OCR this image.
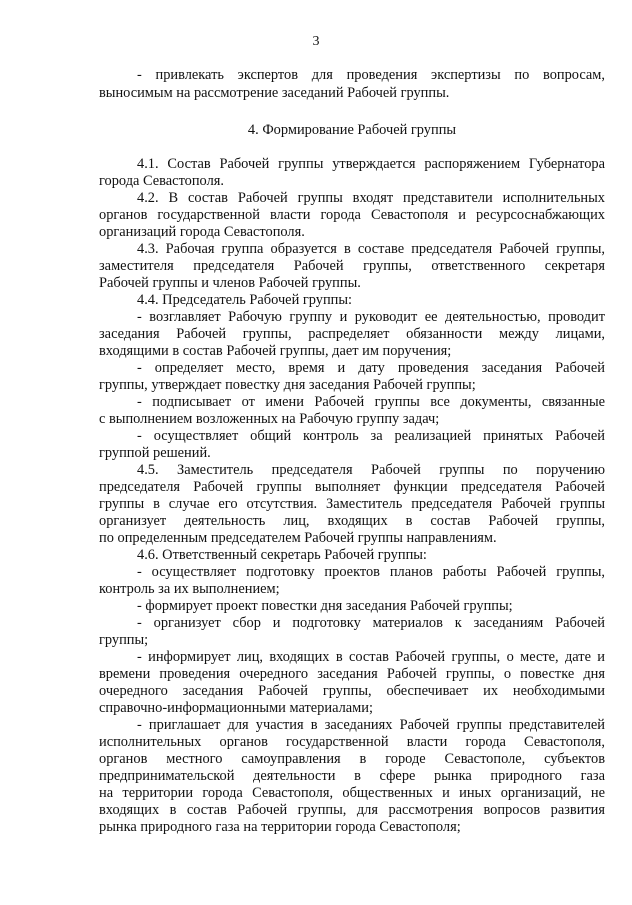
3
- привлекать экспертов для проведения экспертизы по вопросам,
выносимым на рассмотрение заседаний Рабочей группы.
4. Формирование Рабочей группы
4.1. Состав Рабочей группы утверждается распоряжением Губернатора
города Севастополя.
4.2. В состав Рабочей группы входят представители исполнительных
органов государственной власти города Севастополя и ресурсоснабжающих
организаций города Севастополя.
4.3. Рабочая группа образуется в составе председателя Рабочей группы,
заместителя председателя Рабочей группы, ответственного секретаря
Рабочей группы и членов Рабочей группы.
4.4. Председатель Рабочей группы:
- возглавляет Рабочую группу и руководит ее деятельностью, проводит
заседания Рабочей группы, распределяет обязанности между лицами,
входящими в состав Рабочей группы, дает им поручения;
- определяет место, время и дату проведения заседания Рабочей
группы, утверждает повестку дня заседания Рабочей группы;
- подписывает от имени Рабочей группы все документы, связанные
с выполнением возложенных на Рабочую группу задач;
- осуществляет общий контроль за реализацией принятых Рабочей
группой решений.
4.5. Заместитель председателя Рабочей группы по поручению
председателя Рабочей группы выполняет функции председателя Рабочей
группы в случае его отсутствия. Заместитель председателя Рабочей группы
организует деятельность лиц, входящих в состав Рабочей группы,
по определенным председателем Рабочей группы направлениям.
4.6. Ответственный секретарь Рабочей группы:
- осуществляет подготовку проектов планов работы Рабочей группы,
контроль за их выполнением;
- формирует проект повестки дня заседания Рабочей группы;
- организует сбор и подготовку материалов к заседаниям Рабочей
группы;
- информирует лиц, входящих в состав Рабочей группы, о месте, дате и
времени проведения очередного заседания Рабочей группы, о повестке дня
очередного заседания Рабочей группы, обеспечивает их необходимыми
справочно-информационными материалами;
- приглашает для участия в заседаниях Рабочей группы представителей
исполнительных органов государственной власти города Севастополя,
органов местного самоуправления в городе Севастополе, субъектов
предпринимательской деятельности в сфере рынка природного газа
на территории города Севастополя, общественных и иных организаций, не
входящих в состав Рабочей группы, для рассмотрения вопросов развития
рынка природного газа на территории города Севастополя;
